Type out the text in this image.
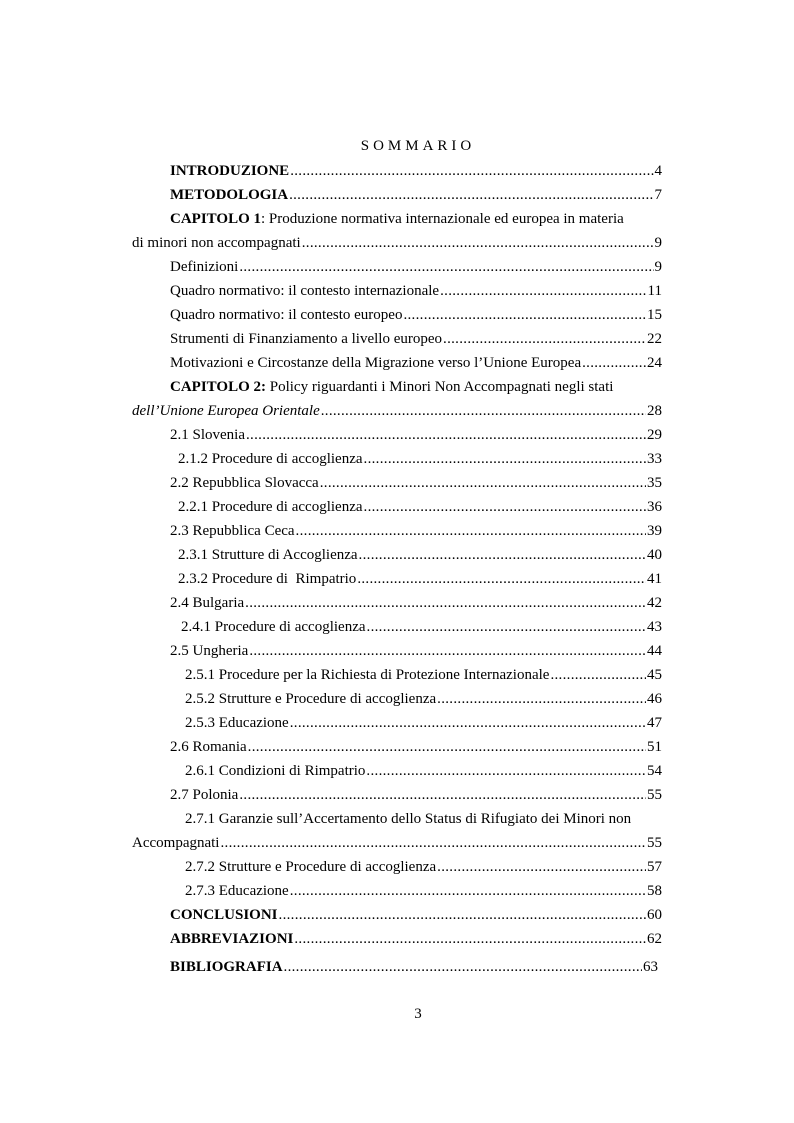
SOMMARIO
INTRODUZIONE .....	4
METODOLOGIA .....	7
CAPITOLO 1: Produzione normativa internazionale ed europea in materia
di minori non accompagnati .....	9
Definizioni .....	9
Quadro normativo: il contesto internazionale .....	11
Quadro normativo: il contesto europeo .....	15
Strumenti di Finanziamento a livello europeo .....	22
Motivazioni e Circostanze della Migrazione verso l’Unione Europea .....	24
CAPITOLO 2: Policy riguardanti i Minori Non Accompagnati negli stati
dell’Unione Europea Orientale .....	28
2.1 Slovenia .....	29
2.1.2 Procedure di accoglienza .....	33
2.2 Repubblica Slovacca .....	35
2.2.1 Procedure di accoglienza .....	36
2.3 Repubblica Ceca .....	39
2.3.1 Strutture di Accoglienza .....	40
2.3.2 Procedure di  Rimpatrio .....	41
2.4 Bulgaria .....	42
2.4.1 Procedure di accoglienza .....	43
2.5 Ungheria .....	44
2.5.1 Procedure per la Richiesta di Protezione Internazionale .....	45
2.5.2 Strutture e Procedure di accoglienza .....	46
2.5.3 Educazione .....	47
2.6 Romania .....	51
2.6.1 Condizioni di Rimpatrio .....	54
2.7 Polonia .....	55
2.7.1 Garanzie sull’Accertamento dello Status di Rifugiato dei Minori non
Accompagnati .....	55
2.7.2 Strutture e Procedure di accoglienza .....	57
2.7.3 Educazione .....	58
CONCLUSIONI .....	60
ABBREVIAZIONI .....	62
BIBLIOGRAFIA .....	63
3
